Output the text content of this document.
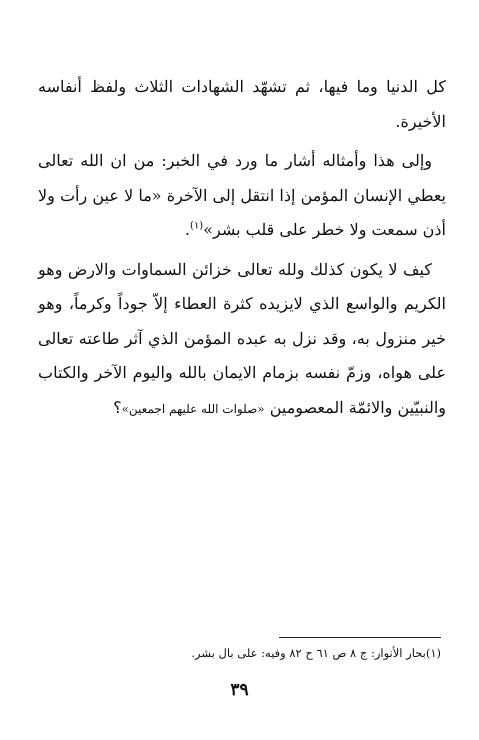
كل الدنيا وما فيها، ثم تشهّد الشهادات الثلاث ولفظ أنفاسه الأخيرة.

وإلى هذا وأمثاله أشار ما ورد في الخبر: من ان الله تعالى يعطي الإنسان المؤمن إذا انتقل إلى الآخرة «ما لا عين رأت ولا أذن سمعت ولا خطر على قلب بشر»$^{(١)}$.

كيف لا يكون كذلك ولله تعالى خزائن السماوات والارض وهو الكريم والواسع الذي لايزيده كثرة العطاء إلاّ جوداً وكرماً، وهو خير منزول به، وقد نزل به عبده المؤمن الذي آثر طاعته تعالى على هواه، وزمّ نفسه بزمام الايمان بالله واليوم الآخر والكتاب والنبيّين والائمّة المعصومين «صلوات الله عليهم اجمعين»؟

(١)بحار الأنوار: ج ٨ ص ٦١ ح ٨٢ وفيه: على بال بشر.
٣٩
